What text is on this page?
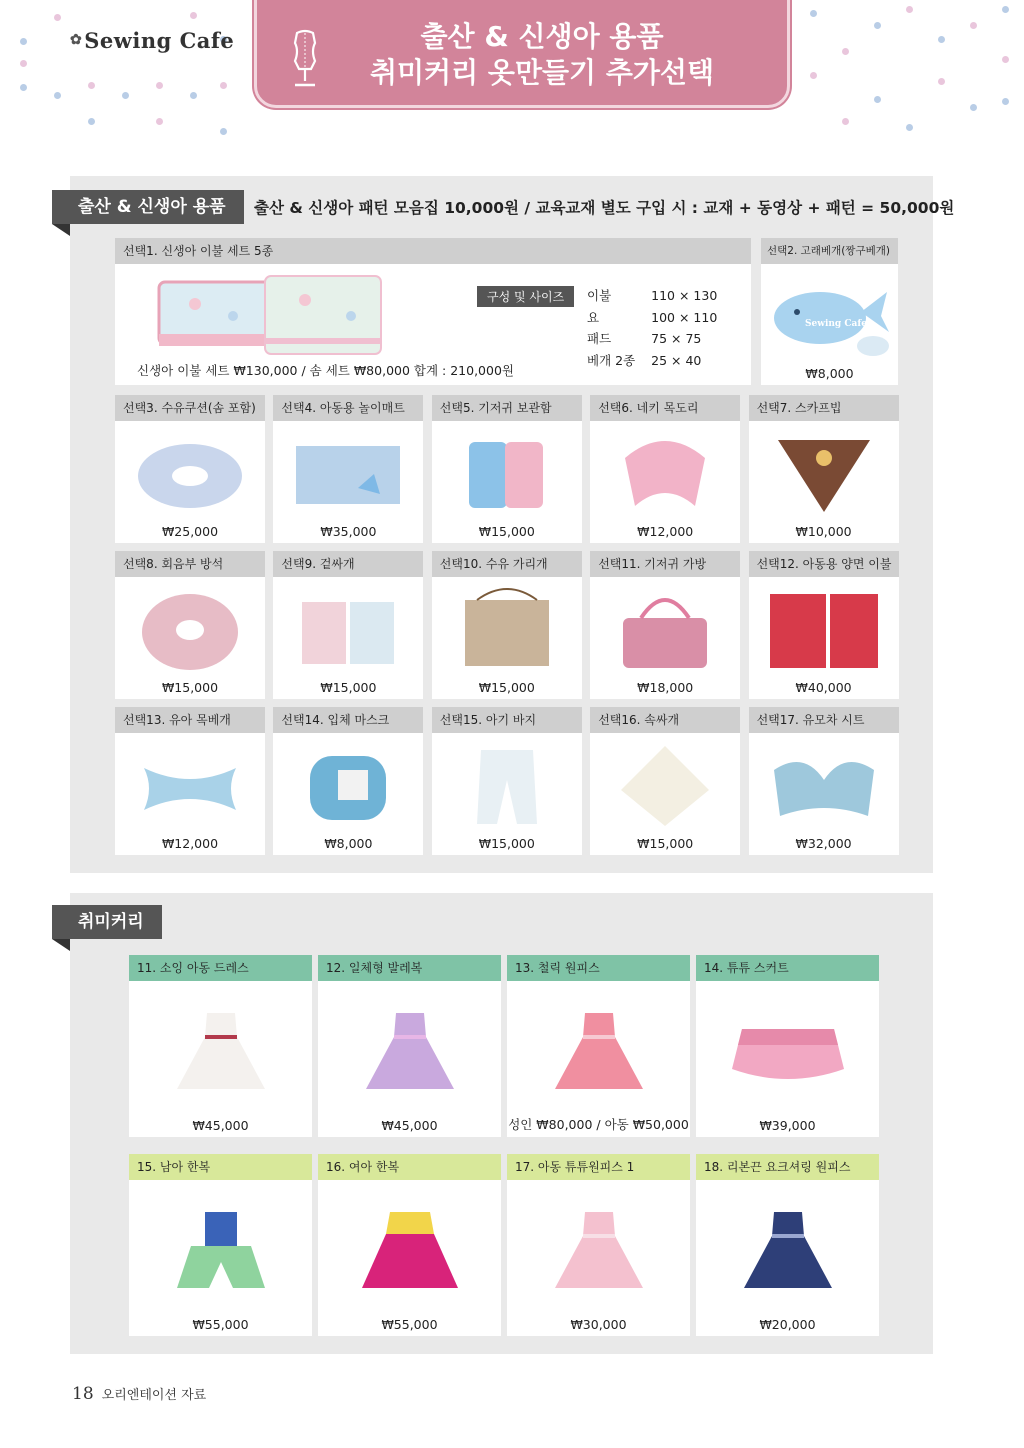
✿Sewing Cafe	출산 & 신생아 용품
취미커리 옷만들기 추가선택
출산 & 신생아 용품	출산 & 신생아 패턴 모음집 10,000원 / 교육교재 별도 구입 시 : 교재 + 동영상 + 패턴 = 50,000원
선택1. 신생아 이불 세트 5종
구성 및 사이즈	이불	110 × 130
요	100 × 110
패드	75 × 75
베개 2종	25 × 40
신생아 이불 세트 ₩130,000 / 솜 세트 ₩80,000 합계 : 210,000원
선택2. 고래베개(짱구베개)
Sewing Cafe
₩8,000
선택3. 수유쿠션(솜 포함)
₩25,000
선택4. 아동용 놀이매트
₩35,000
선택5. 기저귀 보관함
₩15,000
선택6. 네키 목도리
₩12,000
선택7. 스카프빕
₩10,000
선택8. 회음부 방석
₩15,000
선택9. 겉싸개
₩15,000
선택10. 수유 가리개
₩15,000
선택11. 기저귀 가방
₩18,000
선택12. 아동용 양면 이불
₩40,000
선택13. 유아 목베개
₩12,000
선택14. 입체 마스크
₩8,000
선택15. 아기 바지
₩15,000
선택16. 속싸개
₩15,000
선택17. 유모차 시트
₩32,000
취미커리
11. 소잉 아동 드레스
₩45,000
12. 일체형 발레복
₩45,000
13. 철릭 원피스
성인 ₩80,000 / 아동 ₩50,000
14. 튜튜 스커트
₩39,000
15. 남아 한복
₩55,000
16. 여아 한복
₩55,000
17. 아동 튜튜원피스 1
₩30,000
18. 리본끈 요크셔링 원피스
₩20,000
18 오리엔테이션 자료
